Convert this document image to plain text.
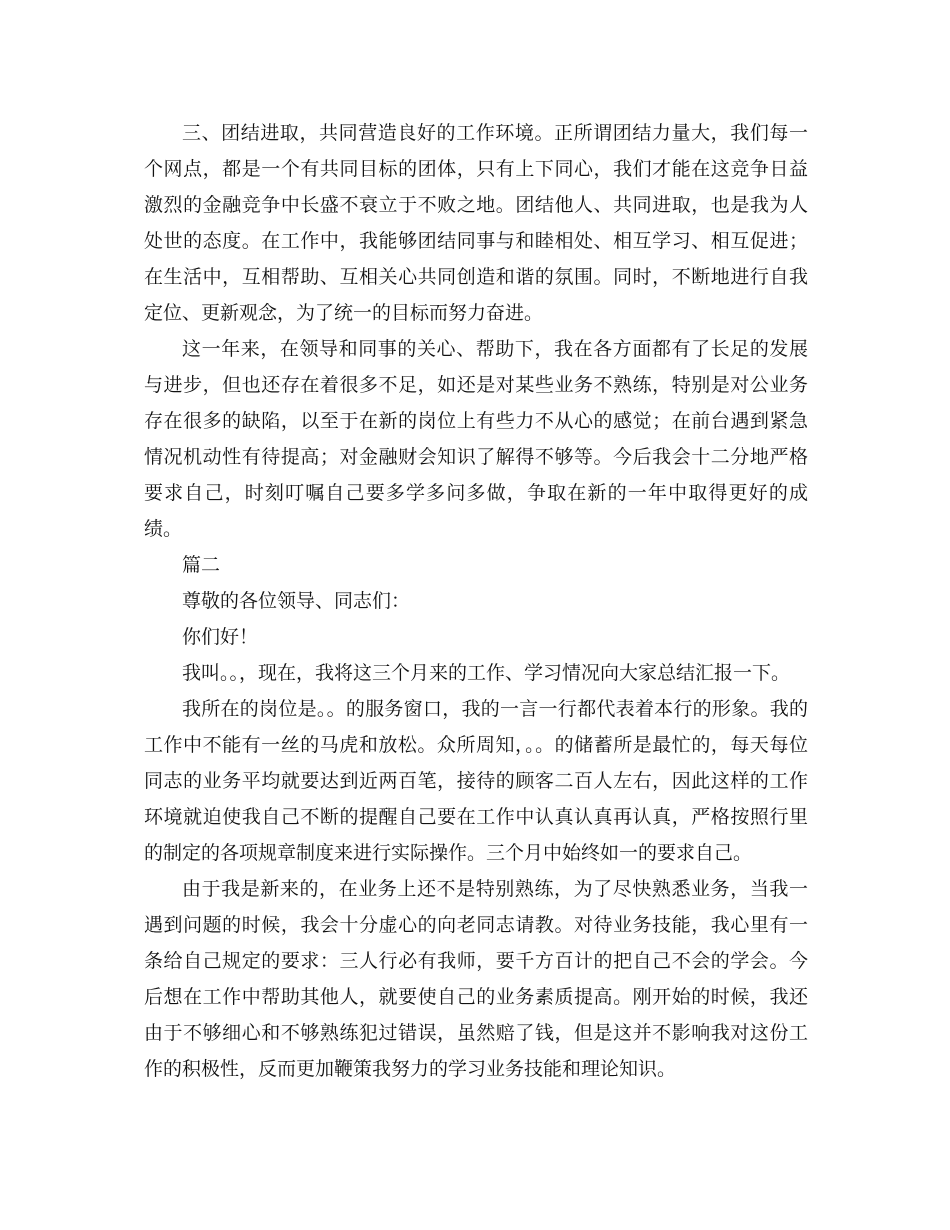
三、团结进取，共同营造良好的工作环境。正所谓团结力量大，我们每一个网点，都是一个有共同目标的团体，只有上下同心，我们才能在这竞争日益激烈的金融竞争中长盛不衰立于不败之地。团结他人、共同进取，也是我为人处世的态度。在工作中，我能够团结同事与和睦相处、相互学习、相互促进；在生活中，互相帮助、互相关心共同创造和谐的氛围。同时，不断地进行自我定位、更新观念，为了统一的目标而努力奋进。

这一年来，在领导和同事的关心、帮助下，我在各方面都有了长足的发展与进步，但也还存在着很多不足，如还是对某些业务不熟练，特别是对公业务存在很多的缺陷，以至于在新的岗位上有些力不从心的感觉；在前台遇到紧急情况机动性有待提高；对金融财会知识了解得不够等。今后我会十二分地严格要求自己，时刻叮嘱自己要多学多问多做，争取在新的一年中取得更好的成绩。

篇二

尊敬的各位领导、同志们：

你们好！

我叫。。，现在，我将这三个月来的工作、学习情况向大家总结汇报一下。

我所在的岗位是。。的服务窗口，我的一言一行都代表着本行的形象。我的工作中不能有一丝的马虎和放松。众所周知，。。的储蓄所是最忙的，每天每位同志的业务平均就要达到近两百笔，接待的顾客二百人左右，因此这样的工作环境就迫使我自己不断的提醒自己要在工作中认真认真再认真，严格按照行里的制定的各项规章制度来进行实际操作。三个月中始终如一的要求自己。

由于我是新来的，在业务上还不是特别熟练，为了尽快熟悉业务，当我一遇到问题的时候，我会十分虚心的向老同志请教。对待业务技能，我心里有一条给自己规定的要求：三人行必有我师，要千方百计的把自己不会的学会。今后想在工作中帮助其他人，就要使自己的业务素质提高。刚开始的时候，我还由于不够细心和不够熟练犯过错误，虽然赔了钱，但是这并不影响我对这份工作的积极性，反而更加鞭策我努力的学习业务技能和理论知识。
